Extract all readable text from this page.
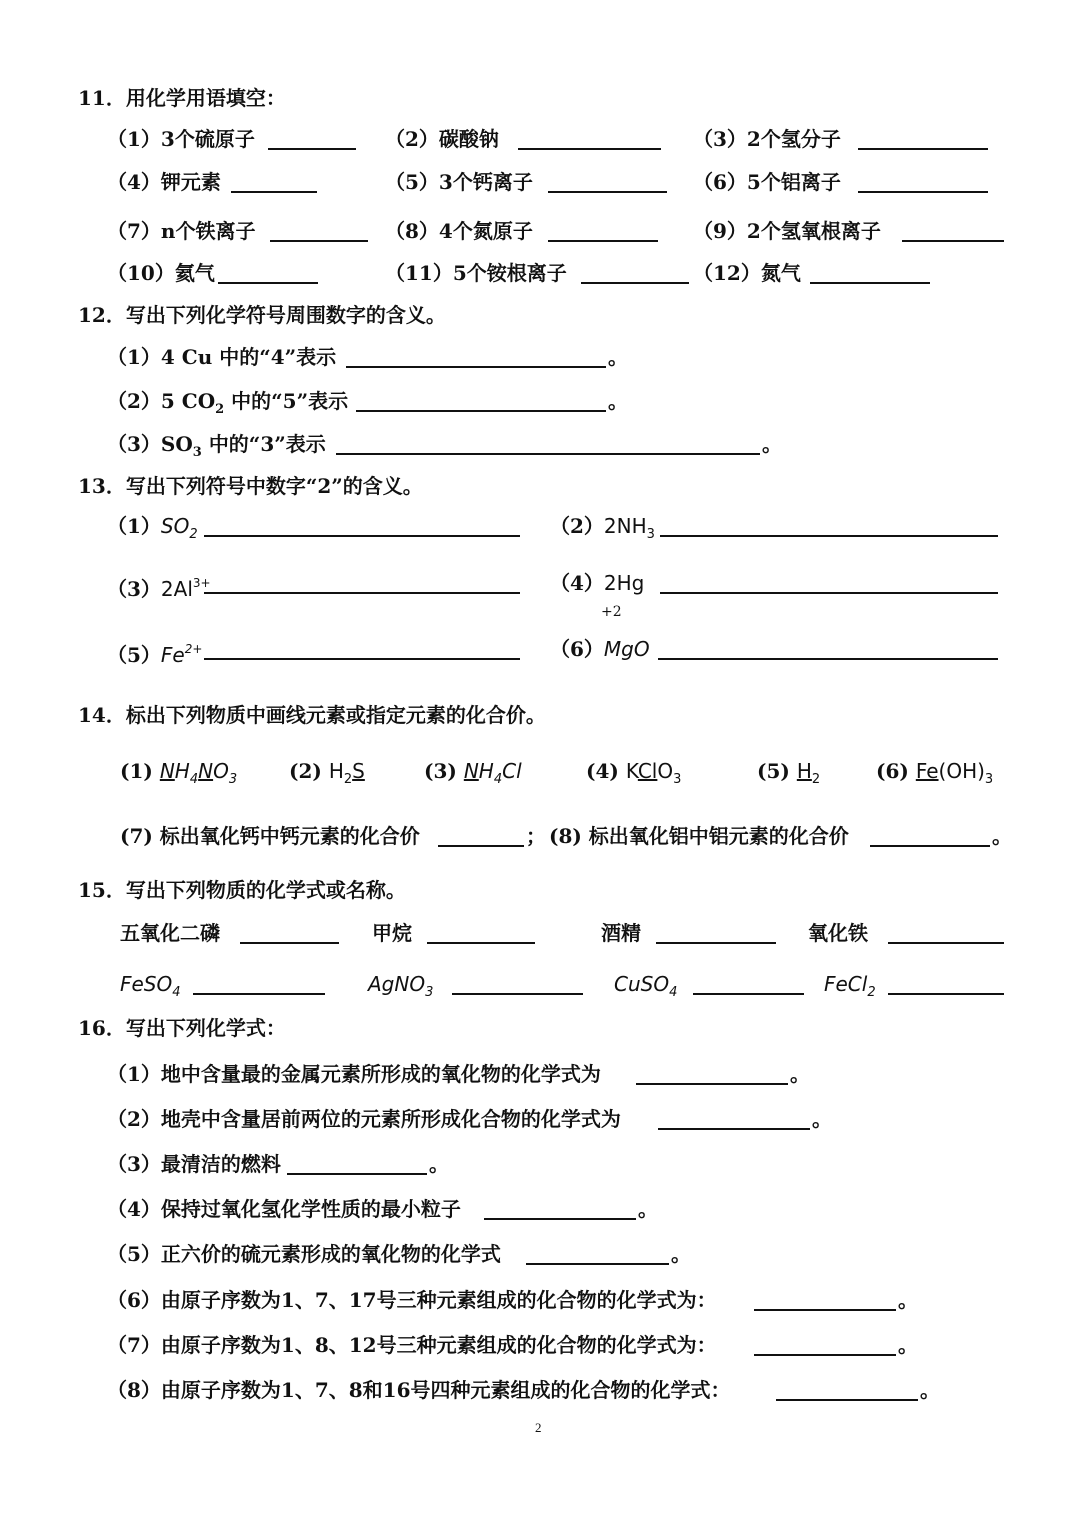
11．用化学用语填空：
（1）3个硫原子	（2）碳酸钠	（3）2个氢分子
（4）钾元素	（5）3个钙离子	（6）5个铝离子
（7）n个铁离子	（8）4个氮原子	（9）2个氢氧根离子
（10）氦气	（11）5个铵根离子	（12）氮气
12．写出下列化学符号周围数字的含义。
（1）4 Cu 中的“4”表示	。
（2）5 $CO_2$ 中的“5”表示	。
$(3)SO_3$ 中的“3”表示	。
13．写出下列符号中数字“2”的含义。
$(1)SO_2$	$(2)2NH_3$
$(3)2Al^{3+}$	（4）2Hg
+2
$(5)Fe^{2+}$	（6）MgO
14．标出下列物质中画线元素或指定元素的化合价。
(1) $NH_4NO_3$	(2) $H_2S$	(3) $NH_4Cl$	(4) KClO$_3$	(5) $H_2$	(6) $Fe(OH)_3$
(7) 标出氧化钙中钙元素的化合价	； (8) 标出氧化铝中铝元素的化合价	。
15．写出下列物质的化学式或名称。
五氧化二磷	甲烷	酒精	氧化铁
FeSO$_4$	AgNO$_3$	CuSO$_4$	FeCl$_2$
16．写出下列化学式：
（1）地中含量最的金属元素所形成的氧化物的化学式为	。
（2）地壳中含量居前两位的元素所形成化合物的化学式为	。
（3）最清洁的燃料	。
（4）保持过氧化氢化学性质的最小粒子	。
（5）正六价的硫元素形成的氧化物的化学式	。
（6）由原子序数为1、7、17号三种元素组成的化合物的化学式为：	。
（7）由原子序数为1、8、12号三种元素组成的化合物的化学式为：	。
（8）由原子序数为1、7、8和16号四种元素组成的化合物的化学式：	。
2
